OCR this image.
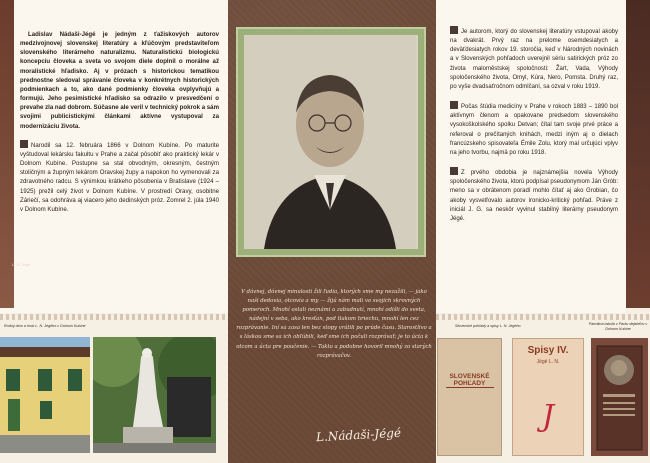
Ladislav Nádaši-Jégé je jedným z ťažiskových autorov medzivojnovej slovenskej literatúry a kľúčovým predstaviteľom slovenského literárneho naturalizmu. Naturalistickú biologickú koncepciu človeka a sveta vo svojom diele doplnil o morálne až moralistické hľadisko. Aj v prózach s historickou tematikou prednostne sledoval správanie človeka v konkrétnych historických podmienkach a to, ako dané podmienky človeka ovplyvňujú a formujú. Jeho pesimistické hľadisko sa odrazilo v presvedčení o prevahe zla nad dobrom. Súčasne ale veril v technický pokrok a sám svojimi publicistickými článkami aktívne vystupoval za modernizáciu života.

Narodil sa 12. februára 1866 v Dolnom Kubíne. Po maturite vyštudoval lekársku fakultu v Prahe a začal pôsobiť ako praktický lekár v Dolnom Kubíne. Postupne sa stal obvodným, okresným, čestným stoličným a župným lekárom Oravskej župy a napokon ho vymenovali za zdravotného radcu. S výnimkou krátkeho pôsobenia v Bratislave (1924 – 1925) prežil celý život v Dolnom Kubíne. V prostredí Oravy, osobitne Záriečí, sa odohráva aj viacero jeho dedinských próz. Zomrel 2. júla 1940 v Dolnom Kubíne.

L. N. Jégé
V dávnej, dávnej minulosti žili ľudia, ktorých sme my nezažili, — jako naši dedovia, otcovia a my — žijú nám mali vo svojich skrovných pomeroch. Mnohí ostali neznámi a zabudnutí, mnohí odišli do sveta, nádejní v seba, ako kresťan, pod tlakom hriechu, mnohí len cez rozprávanie. Iní sa zasa len bez stopy vrátili po prúde času. Starostlivo a s láskou sme sa ich obľúbili, keď sme ich počuli rozprávať; je to úcta k otcom a úcta pre poučenie. — Takto a podobne hovoril mnohý zo starých rozprávačov.
L.Nádaši-Jégé

Je autorom, ktorý do slovenskej literatúry vstupoval akoby na dvakrát. Prvý raz na prelome osemdesiatych a deväťdesiatych rokov 19. storočia, keď v Národných novinách a v Slovenských pohľadoch uverejnil sériu satirických próz zo života maloměstskej spoločnosti: Žart, Vada, Výhody spoločenského života, Omyl, Kúra, Nero, Pomsta. Druhý raz, po vyše dvadsaťročnom odmlčaní, sa ozval v roku 1919.

Počas štúdia medicíny v Prahe v rokoch 1883 – 1890 bol aktívnym členom a opakovane predsedom slovenského vysokoškolského spolku Detvan; čítal tam svoje prvé práce a referoval o prečítaných knihách, medzi iným aj o dielach francúzskeho spisovateľa Émile Zolu, ktorý mal určujúci vplyv na jeho tvorbu, najmä po roku 1918.

Z prvého obdobia je najznámejšia novela Výhody spoločenského života, ktorú podpísal pseudonymom Ján Grób: meno sa v obrátenom poradí mohlo čítať aj ako Grobian, čo akoby vysvetľovalo autorov ironicko-kritický pohľad. Práve z iniciál J. G. sa neskôr vyvinul stabilný literárny pseudonym Jégé.

Rodný dom a hrob L. N. Jégého v Dolnom Kubíne	Slovenské pohľady a spisy L. N. Jégého	Pamätná tabuľa v Parku dejateľov v Dolnom Kubíne
SLOVENSKÉ POHĽADY
Spisy IV.
Jégé L. N.
J
